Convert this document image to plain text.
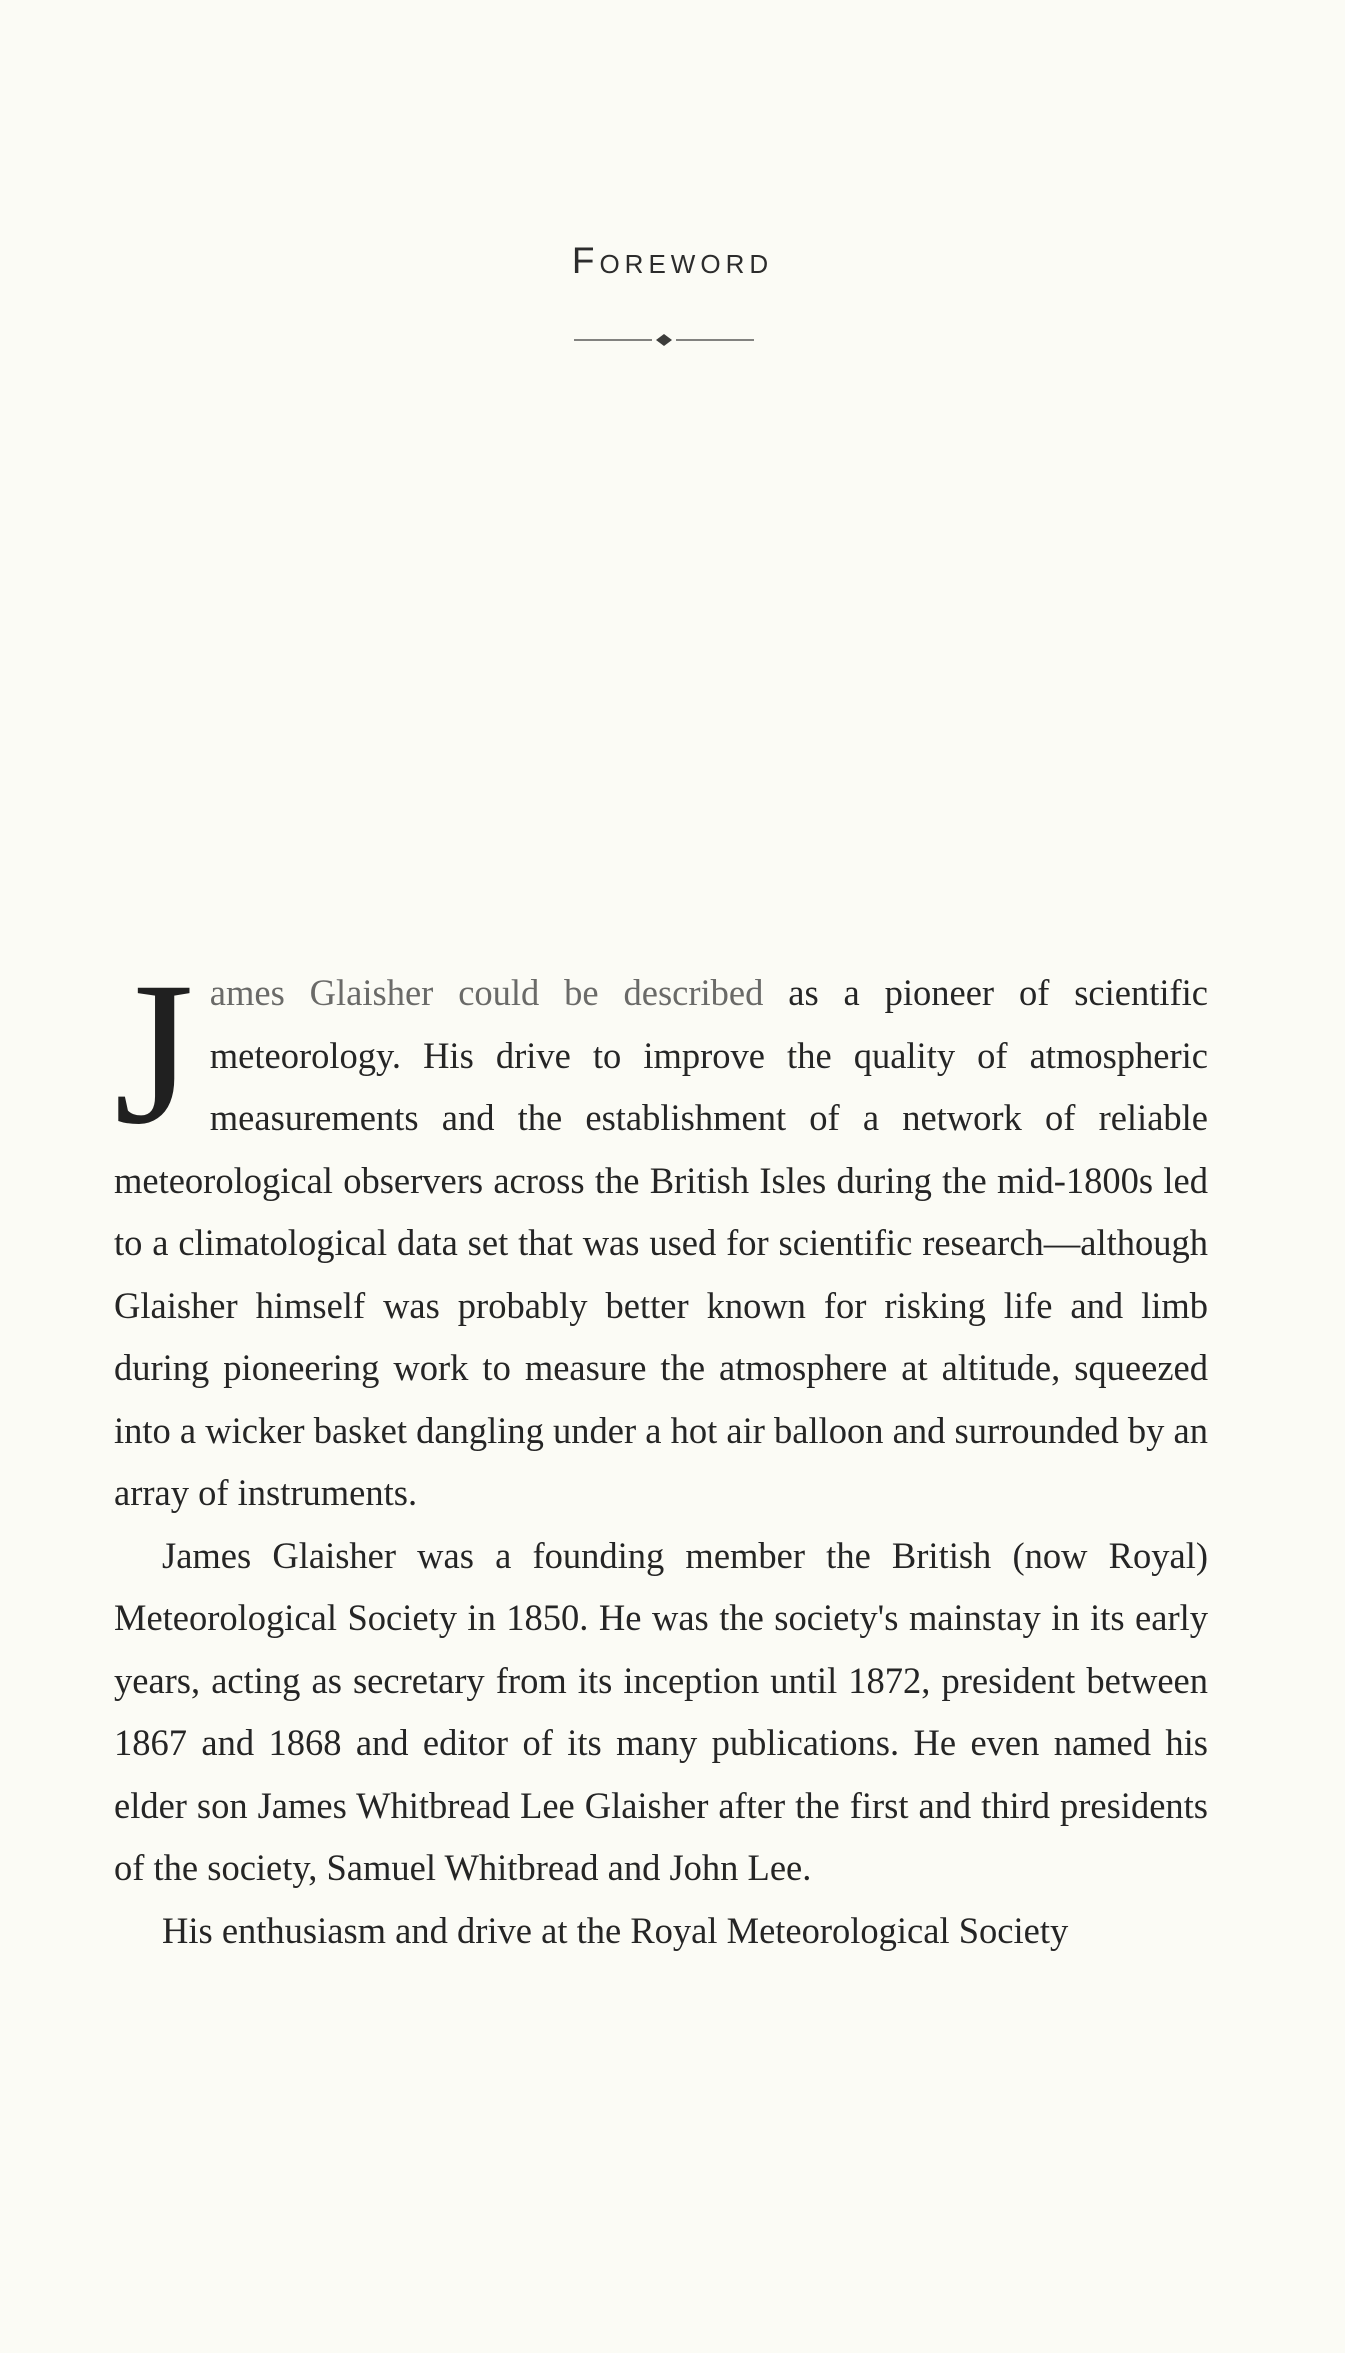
Foreword

James Glaisher could be described as a pioneer of scientific meteorology. His drive to improve the quality of atmospheric measurements and the establishment of a network of reliable meteorological observers across the British Isles during the mid-1800s led to a climatological data set that was used for scientific research—although Glaisher himself was probably better known for risking life and limb during pioneering work to measure the atmosphere at altitude, squeezed into a wicker basket dangling under a hot air balloon and surrounded by an array of instruments.

James Glaisher was a founding member the British (now Royal) Meteorological Society in 1850. He was the society's mainstay in its early years, acting as secretary from its inception until 1872, president between 1867 and 1868 and editor of its many publications. He even named his elder son James Whitbread Lee Glaisher after the first and third presidents of the society, Samuel Whitbread and John Lee.

His enthusiasm and drive at the Royal Meteorological Society
